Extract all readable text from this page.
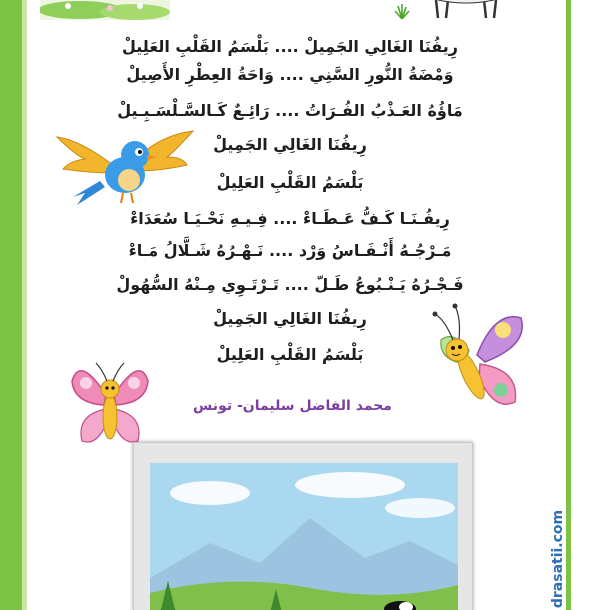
drasatii.com
رِيفُنَا الغَالِي الجَمِيلْ .... بَلْسَمُ القَلْبِ العَلِيلْ
وَمْضَةُ النُّورِ السَّنِي .... وَاحَةُ العِطْرِ الأَصِيلْ
مَاؤُهُ العَـذْبُ الفُـرَاتُ .... رَائِـعٌ كَـالسَّـلْسَـبِـيلْ
رِيفُنَا الغَالِي الجَمِيلْ
بَلْسَمُ القَلْبِ العَلِيلْ
رِيفُـنَـا كَـفُّ عَـطَـاءْ .... فِـيـهِ نَحْـيَـا سُعَدَاءْ
مَـرْجُـهُ أَنْـفَـاسُ وَرْد .... نَـهْـرُهُ شَـلَّالُ مَـاءْ
فَـجْـرُهُ يَـنْـبُوعُ طَـلّ .... تَـرْتَـوِي مِـنْهُ السُّهُولْ
رِيفُنَا الغَالِي الجَمِيلْ
بَلْسَمُ القَلْبِ العَلِيلْ
محمد الفاضل سليمان- تونس
